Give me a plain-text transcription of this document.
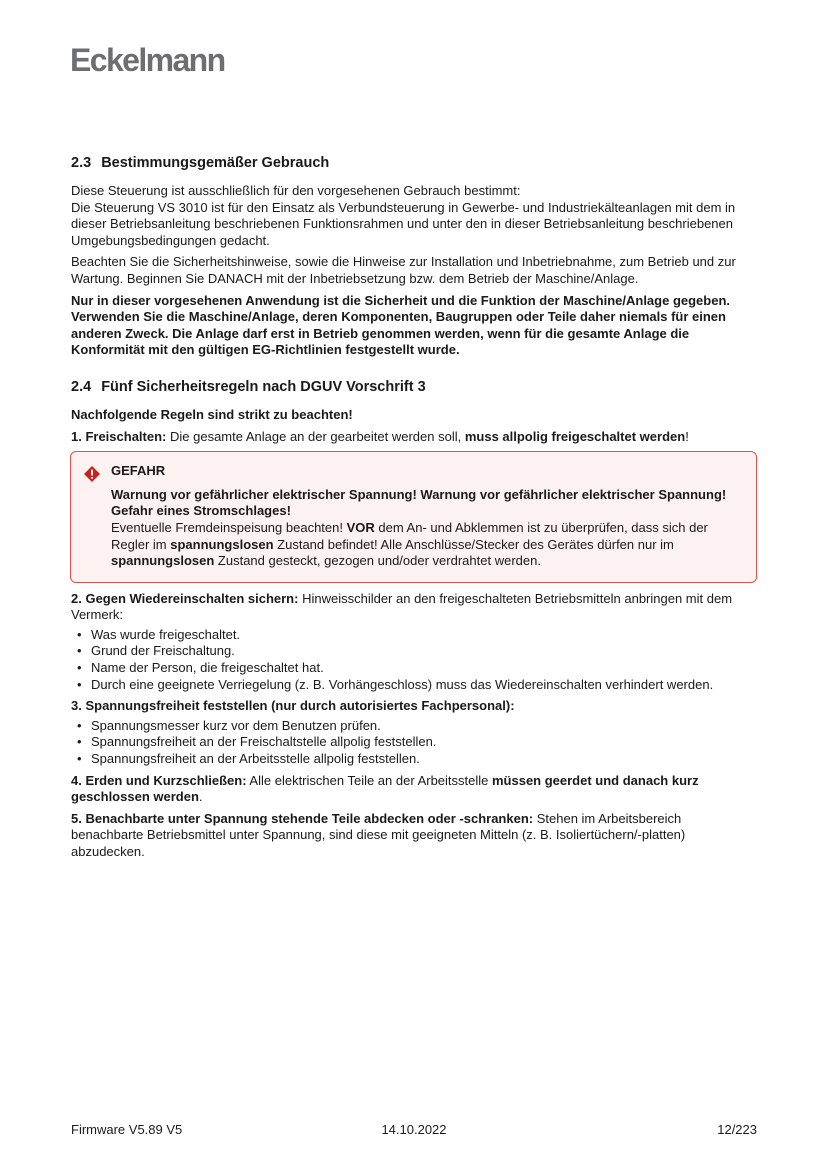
Eckelmann
2.3 Bestimmungsgemäßer Gebrauch

Diese Steuerung ist ausschließlich für den vorgesehenen Gebrauch bestimmt:
Die Steuerung VS 3010 ist für den Einsatz als Verbundsteuerung in Gewerbe- und Industriekälteanlagen mit dem in dieser Betriebsanleitung beschriebenen Funktionsrahmen und unter den in dieser Betriebsanleitung beschriebenen Umgebungsbedingungen gedacht.

Beachten Sie die Sicherheitshinweise, sowie die Hinweise zur Installation und Inbetriebnahme, zum Betrieb und zur Wartung. Beginnen Sie DANACH mit der Inbetriebsetzung bzw. dem Betrieb der Maschine/Anlage.

Nur in dieser vorgesehenen Anwendung ist die Sicherheit und die Funktion der Maschine/Anlage gegeben. Verwenden Sie die Maschine/Anlage, deren Komponenten, Baugruppen oder Teile daher niemals für einen anderen Zweck. Die Anlage darf erst in Betrieb genommen werden, wenn für die gesamte Anlage die Konformität mit den gültigen EG-Richtlinien festgestellt wurde.

2.4 Fünf Sicherheitsregeln nach DGUV Vorschrift 3

Nachfolgende Regeln sind strikt zu beachten!

1. Freischalten: Die gesamte Anlage an der gearbeitet werden soll, muss allpolig freigeschaltet werden!

GEFAHR

Warnung vor gefährlicher elektrischer Spannung! Warnung vor gefährlicher elektrischer Spannung! Gefahr eines Stromschlages!

Eventuelle Fremdeinspeisung beachten! VOR dem An- und Abklemmen ist zu überprüfen, dass sich der Regler im spannungslosen Zustand befindet! Alle Anschlüsse/Stecker des Gerätes dürfen nur im spannungslosen Zustand gesteckt, gezogen und/oder verdrahtet werden.

2. Gegen Wiedereinschalten sichern: Hinweisschilder an den freigeschalteten Betriebsmitteln anbringen mit dem Vermerk:

• Was wurde freigeschaltet.
• Grund der Freischaltung.
• Name der Person, die freigeschaltet hat.
• Durch eine geeignete Verriegelung (z. B. Vorhängeschloss) muss das Wiedereinschalten verhindert werden.

3. Spannungsfreiheit feststellen (nur durch autorisiertes Fachpersonal):

• Spannungsmesser kurz vor dem Benutzen prüfen.
• Spannungsfreiheit an der Freischaltstelle allpolig feststellen.
• Spannungsfreiheit an der Arbeitsstelle allpolig feststellen.

4. Erden und Kurzschließen: Alle elektrischen Teile an der Arbeitsstelle müssen geerdet und danach kurz geschlossen werden.

5. Benachbarte unter Spannung stehende Teile abdecken oder -schranken: Stehen im Arbeitsbereich benachbarte Betriebsmittel unter Spannung, sind diese mit geeigneten Mitteln (z. B. Isoliertüchern/-platten) abzudecken.

Firmware V5.89 V5	14.10.2022	12/223
